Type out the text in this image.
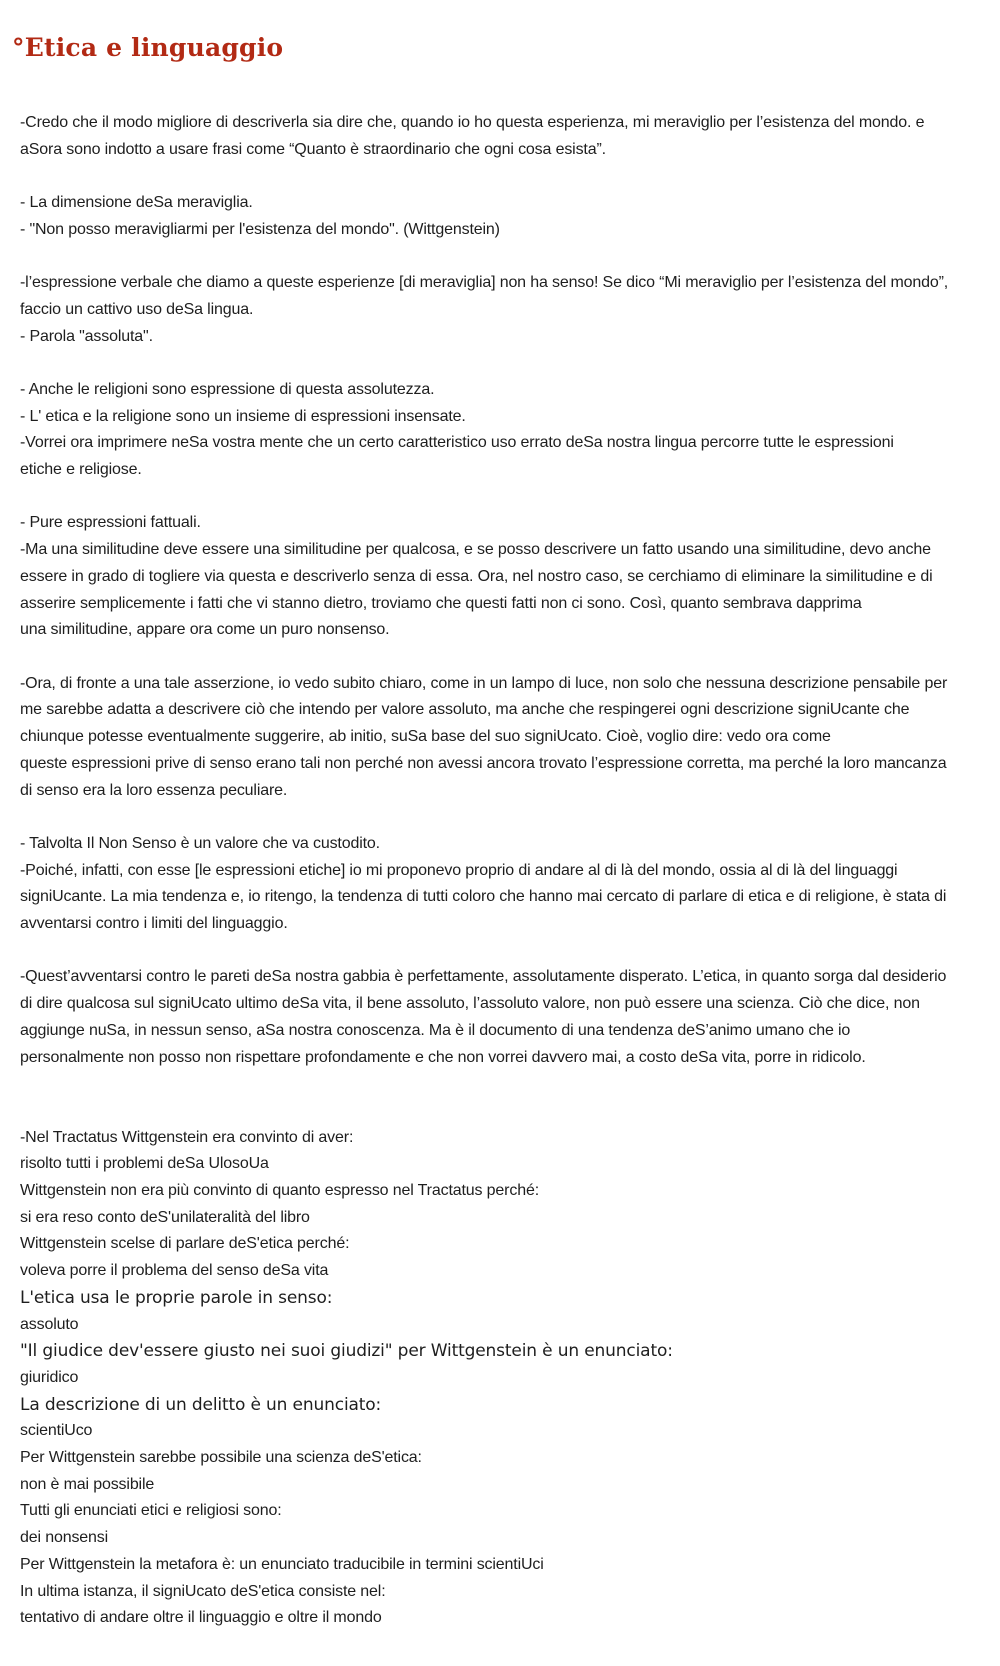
°Etica e linguaggio

-Credo che il modo migliore di descriverla sia dire che, quando io ho questa esperienza, mi meraviglio per l’esistenza del mondo. e

aSora sono indotto a usare frasi come “Quanto è straordinario che ogni cosa esista”.

- La dimensione deSa meraviglia.

- "Non posso meravigliarmi per l'esistenza del mondo". (Wittgenstein)

-l’espressione verbale che diamo a queste esperienze [di meraviglia] non ha senso! Se dico “Mi meraviglio per l’esistenza del mondo”,

faccio un cattivo uso deSa lingua.

- Parola "assoluta".

- Anche le religioni sono espressione di questa assolutezza.

- L' etica e la religione sono un insieme di espressioni insensate.

-Vorrei ora imprimere neSa vostra mente che un certo caratteristico uso errato deSa nostra lingua percorre tutte le espressioni

etiche e religiose.

- Pure espressioni fattuali.

-Ma una similitudine deve essere una similitudine per qualcosa, e se posso descrivere un fatto usando una similitudine, devo anche

essere in grado di togliere via questa e descriverlo senza di essa. Ora, nel nostro caso, se cerchiamo di eliminare la similitudine e di

asserire semplicemente i fatti che vi stanno dietro, troviamo che questi fatti non ci sono. Così, quanto sembrava dapprima

una similitudine, appare ora come un puro nonsenso.

-Ora, di fronte a una tale asserzione, io vedo subito chiaro, come in un lampo di luce, non solo che nessuna descrizione pensabile per

me sarebbe adatta a descrivere ciò che intendo per valore assoluto, ma anche che respingerei ogni descrizione signiUcante che

chiunque potesse eventualmente suggerire, ab initio, suSa base del suo signiUcato. Cioè, voglio dire: vedo ora come

queste espressioni prive di senso erano tali non perché non avessi ancora trovato l’espressione corretta, ma perché la loro mancanza

di senso era la loro essenza peculiare.

- Talvolta Il Non Senso è un valore che va custodito.

-Poiché, infatti, con esse [le espressioni etiche] io mi proponevo proprio di andare al di là del mondo, ossia al di là del linguaggi

signiUcante. La mia tendenza e, io ritengo, la tendenza di tutti coloro che hanno mai cercato di parlare di etica e di religione, è stata di

avventarsi contro i limiti del linguaggio.

-Quest’avventarsi contro le pareti deSa nostra gabbia è perfettamente, assolutamente disperato. L’etica, in quanto sorga dal desiderio

di dire qualcosa sul signiUcato ultimo deSa vita, il bene assoluto, l’assoluto valore, non può essere una scienza. Ciò che dice, non

aggiunge nuSa, in nessun senso, aSa nostra conoscenza. Ma è il documento di una tendenza deS’animo umano che io

personalmente non posso non rispettare profondamente e che non vorrei davvero mai, a costo deSa vita, porre in ridicolo.

-Nel Tractatus Wittgenstein era convinto di aver:

risolto tutti i problemi deSa UlosoUa

Wittgenstein non era più convinto di quanto espresso nel Tractatus perché:

si era reso conto deS'unilateralità del libro

Wittgenstein scelse di parlare deS'etica perché:

voleva porre il problema del senso deSa vita

L'etica usa le proprie parole in senso:

assoluto

"Il giudice dev'essere giusto nei suoi giudizi" per Wittgenstein è un enunciato:

giuridico

La descrizione di un delitto è un enunciato:

scientiUco

Per Wittgenstein sarebbe possibile una scienza deS'etica:

non è mai possibile

Tutti gli enunciati etici e religiosi sono:

dei nonsensi

Per Wittgenstein la metafora è: un enunciato traducibile in termini scientiUci

In ultima istanza, il signiUcato deS'etica consiste nel:

tentativo di andare oltre il linguaggio e oltre il mondo
